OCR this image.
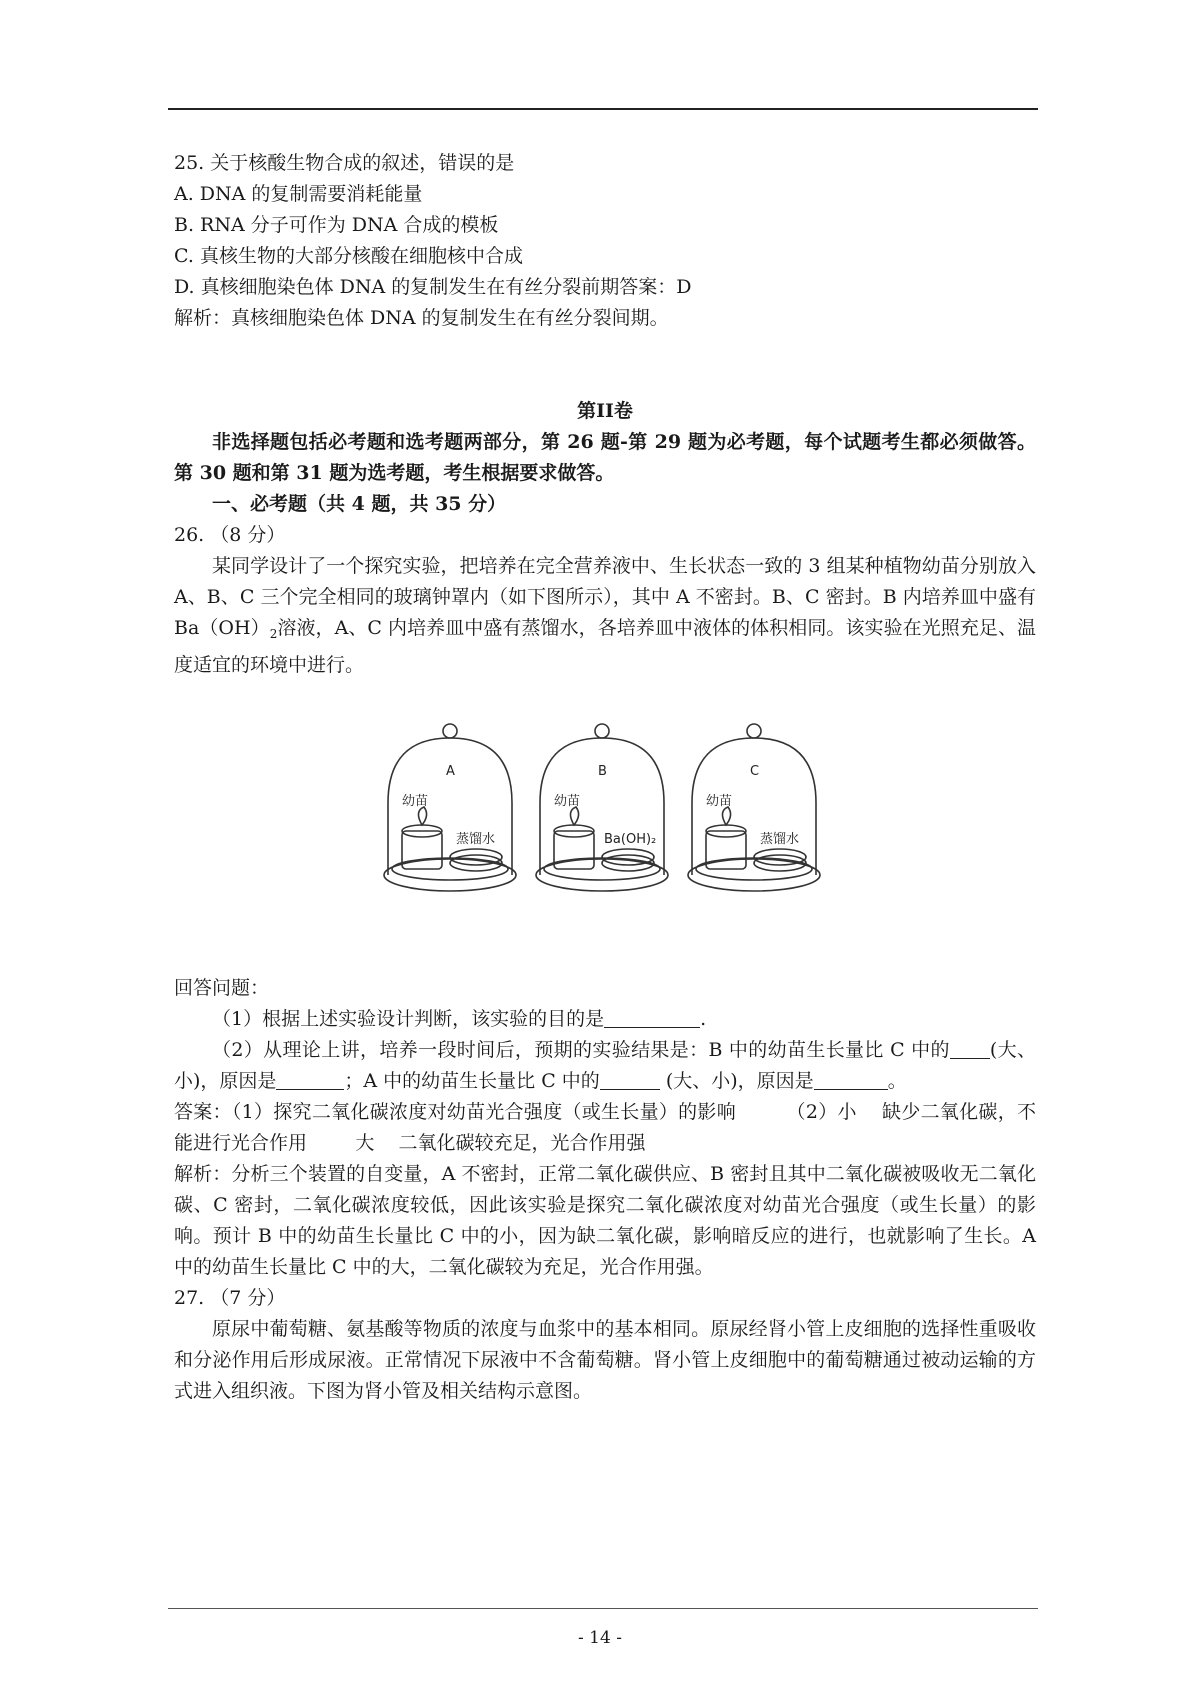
25. 关于核酸生物合成的叙述，错误的是

A. DNA 的复制需要消耗能量

B. RNA 分子可作为 DNA 合成的模板

C. 真核生物的大部分核酸在细胞核中合成

D. 真核细胞染色体 DNA 的复制发生在有丝分裂前期答案：D

解析：真核细胞染色体 DNA 的复制发生在有丝分裂间期。

第II卷

非选择题包括必考题和选考题两部分，第 26 题-第 29 题为必考题，每个试题考生都必须做答。第 30 题和第 31 题为选考题，考生根据要求做答。

一、必考题（共 4 题，共 35 分）

26. （8 分）

某同学设计了一个探究实验，把培养在完全营养液中、生长状态一致的 3 组某种植物幼苗分别放入 A、B、C 三个完全相同的玻璃钟罩内（如下图所示），其中 A 不密封。B、C 密封。B 内培养皿中盛有 $Ba(OH)_2$溶液，A、C 内培养皿中盛有蒸馏水，各培养皿中液体的体积相同。该实验在光照充足、温度适宜的环境中进行。

A
幼苗
蒸馏水
B
幼苗
Ba(OH)₂
C
幼苗
蒸馏水

回答问题：

（1）根据上述实验设计判断，该实验的目的是	.

（2）从理论上讲，培养一段时间后，预期的实验结果是：B 中的幼苗生长量比 C 中的 (大、小)，原因是	；A 中的幼苗生长量比 C 中的	(大、小)，原因是	。

答案：（1）探究二氧化碳浓度对幼苗光合强度（或生长量）的影响        （2）小    缺少二氧化碳，不能进行光合作用        大    二氧化碳较充足，光合作用强

解析：分析三个装置的自变量，A 不密封，正常二氧化碳供应、B 密封且其中二氧化碳被吸收无二氧化碳、C 密封，二氧化碳浓度较低，因此该实验是探究二氧化碳浓度对幼苗光合强度（或生长量）的影响。预计 B 中的幼苗生长量比 C 中的小，因为缺二氧化碳，影响暗反应的进行，也就影响了生长。A 中的幼苗生长量比 C 中的大，二氧化碳较为充足，光合作用强。

27. （7 分）

原尿中葡萄糖、氨基酸等物质的浓度与血浆中的基本相同。原尿经肾小管上皮细胞的选择性重吸收和分泌作用后形成尿液。正常情况下尿液中不含葡萄糖。肾小管上皮细胞中的葡萄糖通过被动运输的方式进入组织液。下图为肾小管及相关结构示意图。

- 14 -
